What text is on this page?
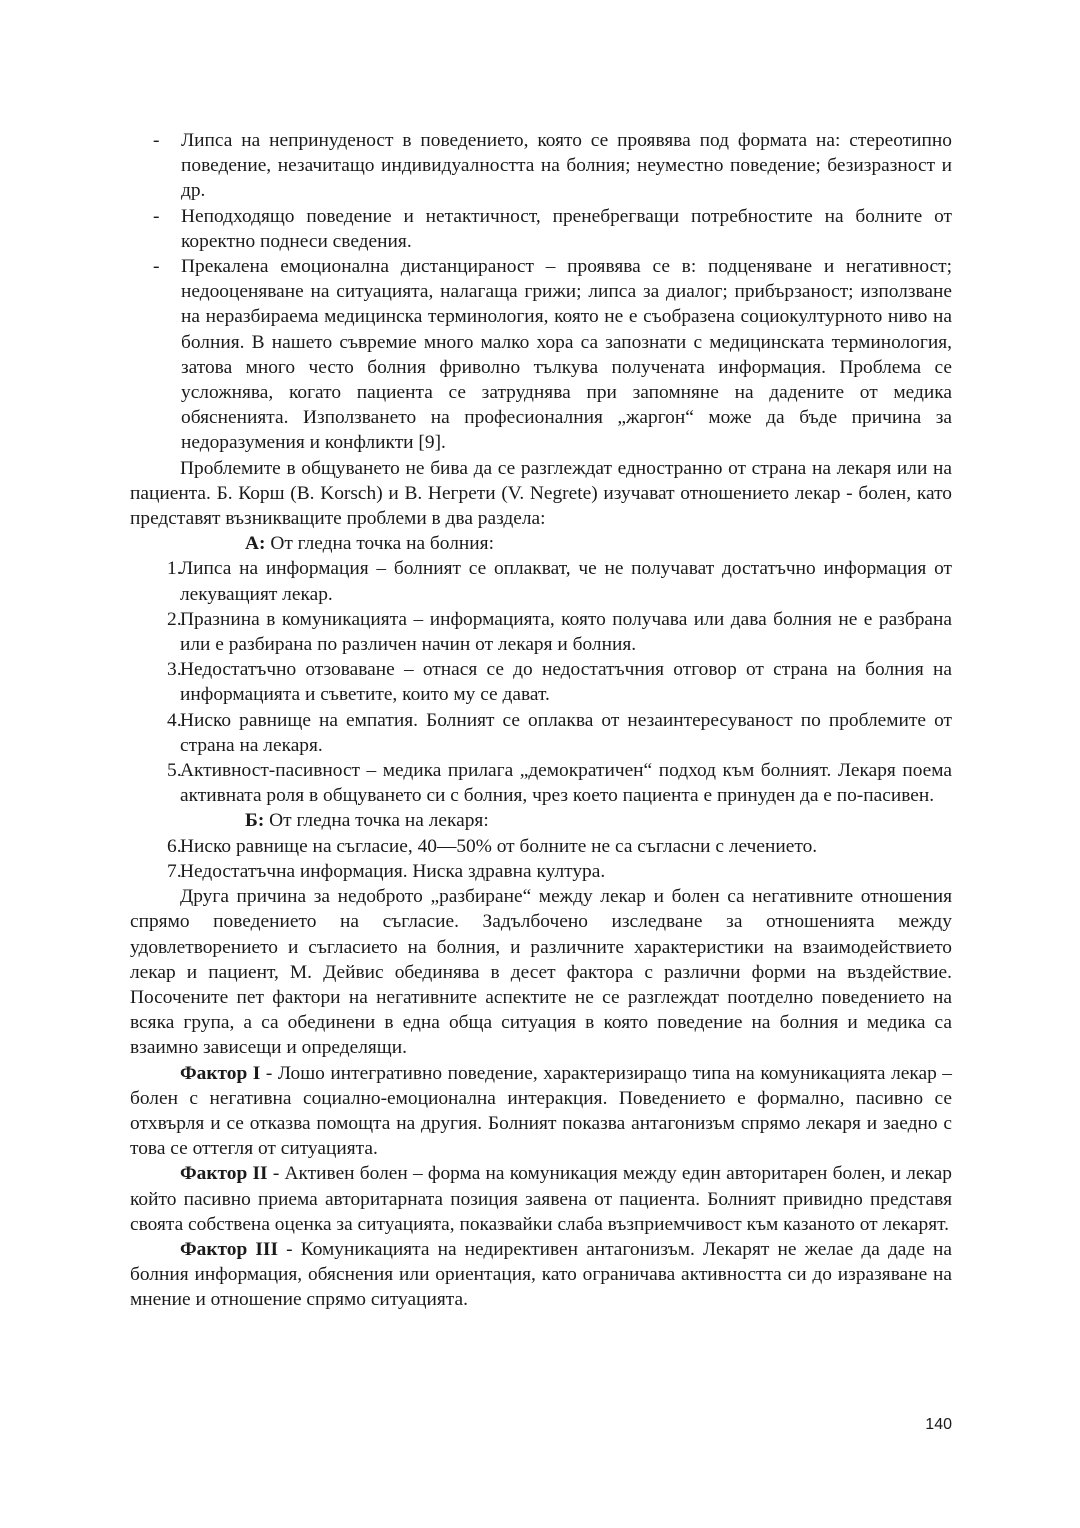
- Липса на непринуденост в поведението, която се проявява под формата на: стереотипно поведение, незачитащо индивидуалността на болния; неуместно поведение; безизразност и др.
- Неподходящо поведение и нетактичност, пренебрегващи потребностите на болните от коректно поднеси сведения.
- Прекалена емоционална дистанцираност – проявява се в: подценяване и негативност; недооценяване на ситуацията, налагаща грижи; липса за диалог; прибързаност; използване на неразбираема медицинска терминология, която не е съобразена социокултурното ниво на болния. В нашето съвремие много малко хора са запознати с медицинската терминология, затова много често болния фриволно тълкува получената информация. Проблема се усложнява, когато пациента се затруднява при запомняне на дадените от медика обясненията. Използването на професионалния „жаргон“ може да бъде причина за недоразумения и конфликти [9].

Проблемите в общуването не бива да се разглеждат едностранно от страна на лекаря или на пациента. Б. Корш (B. Korsch) и В. Негрети (V. Negrete) изучават отношението лекар - болен, като представят възникващите проблеми в два раздела:

А: От гледна точка на болния:
1.
Липса на информация – болният се оплакват, че не получават достатъчно информация от лекуващият лекар.
2.
Празнина в комуникацията – информацията, която получава или дава болния не е разбрана или е разбирана по различен начин от лекаря и болния.
3.
Недостатъчно отзоваване – отнася се до недостатъчния отговор от страна на болния на информацията и съветите, които му се дават.
4.
Ниско равнище на емпатия. Болният се оплаква от незаинтересуваност по проблемите от страна на лекаря.
5.
Активност-пасивност – медика прилага „демократичен“ подход към болният. Лекаря поема активната роля в общуването си с болния, чрез което пациента е принуден да е по-пасивен.
Б: От гледна точка на лекаря:
6.
Ниско равнище на съгласие, 40—50% от болните не са съгласни с лечението.
7.
Недостатъчна информация. Ниска здравна култура.

Друга причина за недоброто „разбиране“ между лекар и болен са негативните отношения спрямо поведението на съгласие. Задълбочено изследване за отношенията между удовлетворението и съгласието на болния, и различните характеристики на взаимодействието лекар и пациент, М. Дейвис обединява в десет фактора с различни форми на въздействие. Посочените пет фактори на негативните аспектите не се разглеждат поотделно поведението на всяка група, а са обединени в една обща ситуация в която поведение на болния и медика са взаимно зависещи и определящи.

Фактор I - Лошо интегративно поведение, характеризиращо типа на комуникацията лекар – болен с негативна социално-емоционална интеракция. Поведението е формално, пасивно се отхвърля и се отказва помощта на другия. Болният показва антагонизъм спрямо лекаря и заедно с това се оттегля от ситуацията.

Фактор II - Активен болен – форма на комуникация между един авторитарен болен, и лекар който пасивно приема авторитарната позиция заявена от пациента. Болният привидно представя своята собствена оценка за ситуацията, показвайки слаба възприемчивост към казаното от лекарят.

Фактор III - Комуникацията на недирективен антагонизъм. Лекарят не желае да даде на болния информация, обяснения или ориентация, като ограничава активността си до изразяване на мнение и отношение спрямо ситуацията.

140
